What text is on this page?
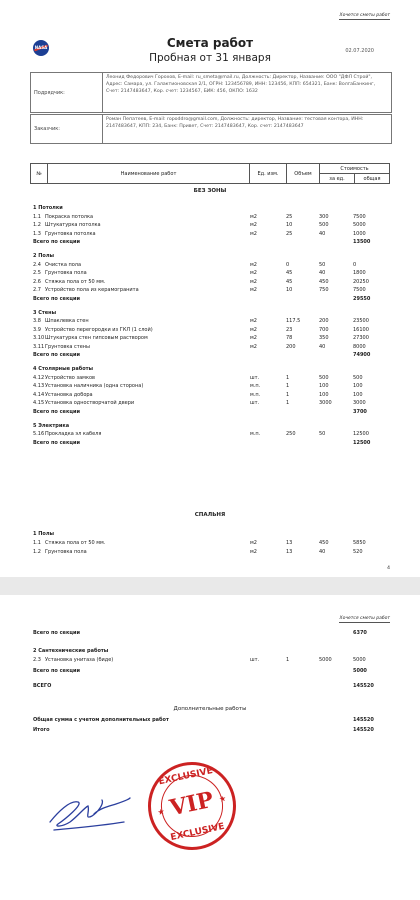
Хочется сметы работ
NASA	Смета работ
Пробная от 31 января
02.07.2020
Подрядчик:
Леонид Федорович Горохов, E-mail: ru_smeta@mail.ru, Должность: Директор, Название: ООО "ДФЛ Строй", Адрес: Самара, ул. Галактионовская 2/1, ОГРН: 123456789, ИНН: 123456, КПП: 654321, Банк: ВолгаБанкинг, Счет: 2147483647, Кор. счет: 1234567, БИК: 456, ОКПО: 1632
Заказчик:
Роман Пепатеев, E-mail: ropoddro@gmail.com, Должность: директор, Название: тестовая контора, ИНН: 2147483647, КПП: 234, Банк: Привет, Счет: 2147483647, Кор. счет: 2147483647
№	Наименование работ	Ед. изм.	Объем	Стоимость	
				за ед.	общая
БЕЗ ЗОНЫ
СПАЛЬНЯ
4
1 Потолки
1.1 Покраска потолка	м2	25	300	7500
1.2 Штукатурка потолка	м2	10	500	5000
1.3 Грунтовка потолка	м2	25	40	1000
Всего по секции	13500
2 Полы
2.4 Очистка пола	м2	0	50	0
2.5 Грунтовка пола	м2	45	40	1800
2.6 Стяжка пола от 50 мм.	м2	45	450	20250
2.7 Устройство пола из керамогранита	м2	10	750	7500
Всего по секции	29550
3 Стены
3.8 Шпаклевка стен	м2	117.5	200	23500
3.9 Устройство перегородки из ГКЛ (1 слой)	м2	23	700	16100
3.10 Штукатурка стен гипсовым раствором	м2	78	350	27300
3.11 Грунтовка стены	м2	200	40	8000
Всего по секции	74900
4 Столярные работы
4.12 Устройство замков	шт.	1	500	500
4.13 Установка наличника (одна сторона)	м.п.	1	100	100
4.14 Установка добора	м.п.	1	100	100
4.15 Установка одностворчатой двери	шт.	1	3000	3000
Всего по секции	3700
5 Электрика
5.16 Прокладка эл кабеля	м.п.	250	50	12500
Всего по секции	12500
1 Полы
1.1 Стяжка пола от 50 мм.	м2	13	450	5850
1.2 Грунтовка пола	м2	13	40	520
Хочется сметы работ
Всего по секции	6370
2 Сантехнические работы
2.3 Установка унитаза (биде)	шт.	1	5000	5000
Всего по секции	5000
ВСЕГО	145520
Дополнительные работы
Общая сумма с учетом дополнительных работ	145520
Итого	145520
EXCLUSIVE
VIP
★
★
EXCLUSIVE
